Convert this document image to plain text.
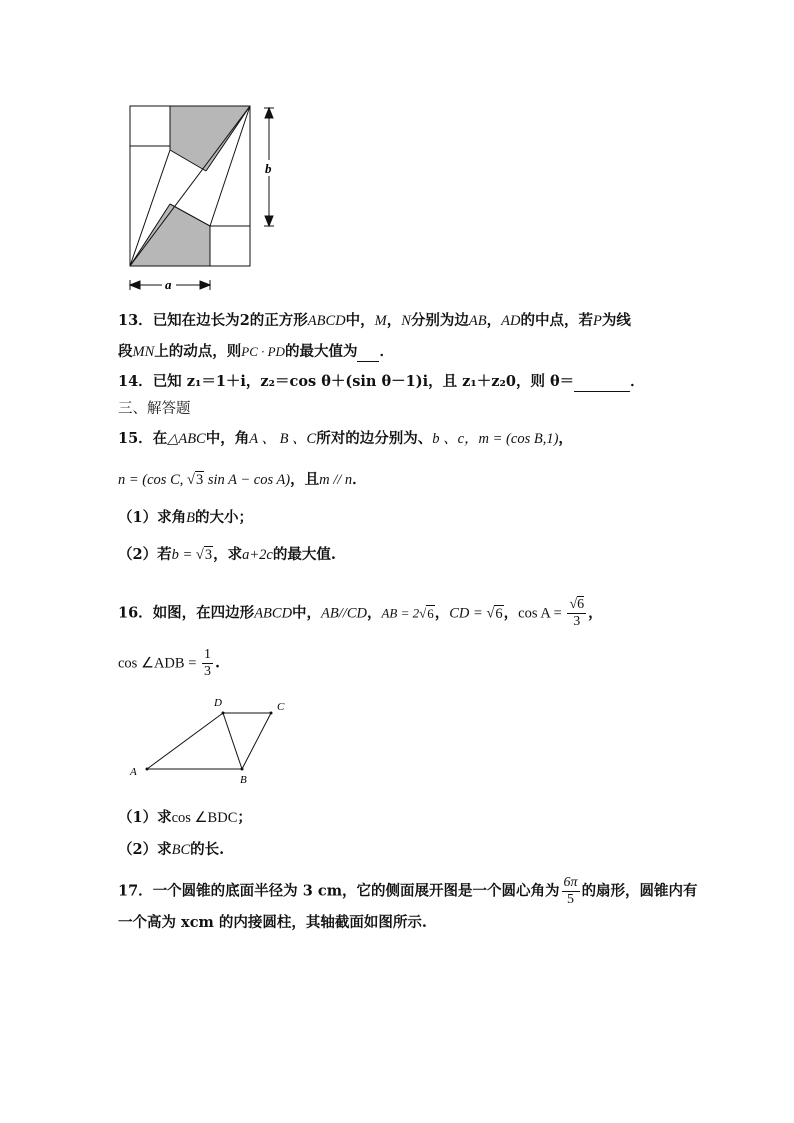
b
a
13．已知在边长为2的正方形ABCD中，M，N分别为边AB，AD的中点，若P为线
段MN上的动点，则PC · PD的最大值为 ．
14．已知 z₁＝1＋i，z₂＝cos θ＋(sin θ－1)i，且 z₁＋z₂0，则 θ＝	．
三、解答题
15．在△ABC中，角A 、 B 、C所对的边分别为、b 、c，m = (cos B,1)，
n = (cos C, √3 sin A − cos A)，且m // n．
（1）求角B的大小；
（2）若b = √3，求a+2c的最大值.
16．如图，在四边形ABCD中，AB//CD，AB = 2√6，CD = √6，$\cos A = \frac{√6}{3}$ ，
cos ∠ADB = $\frac{1}{3}$ .
A
B
D	C
（1）求cos ∠BDC；
（2）求BC的长.
17．一个圆锥的底面半径为 3 cm，它的侧面展开图是一个圆心角为 $\frac{6\pi}{5}$ 的扇形，圆锥内有
一个高为 xcm 的内接圆柱，其轴截面如图所示.
